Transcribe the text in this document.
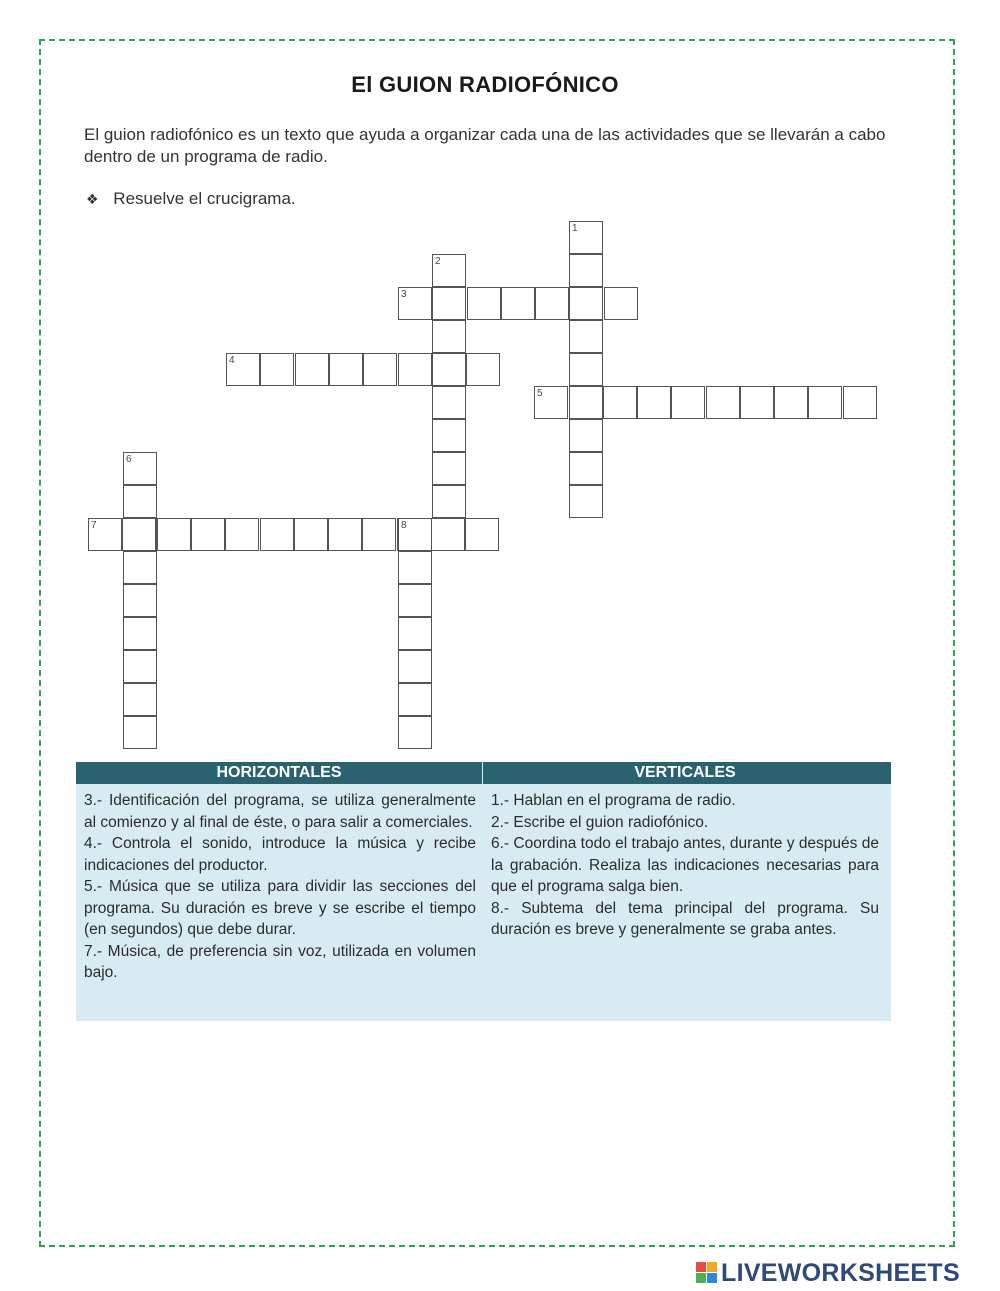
El GUION RADIOFÓNICO
El guion radiofónico es un texto que ayuda a organizar cada una de las actividades que se llevarán a cabo dentro de un programa de radio.
❖ Resuelve el crucigrama.
1
2
3
4
5
6
7	8
HORIZONTALES	VERTICALES

3.- Identificación del programa, se utiliza generalmente al comienzo y al final de éste, o para salir a comerciales.

4.- Controla el sonido, introduce la música y recibe indicaciones del productor.

5.- Música que se utiliza para dividir las secciones del programa. Su duración es breve y se escribe el tiempo (en segundos) que debe durar.

7.- Música, de preferencia sin voz, utilizada en volumen bajo.

1.- Hablan en el programa de radio.

2.- Escribe el guion radiofónico.

6.- Coordina todo el trabajo antes, durante y después de la grabación. Realiza las indicaciones necesarias para que el programa salga bien.

8.- Subtema del tema principal del programa. Su duración es breve y generalmente se graba antes.

LIVEWORKSHEETS
